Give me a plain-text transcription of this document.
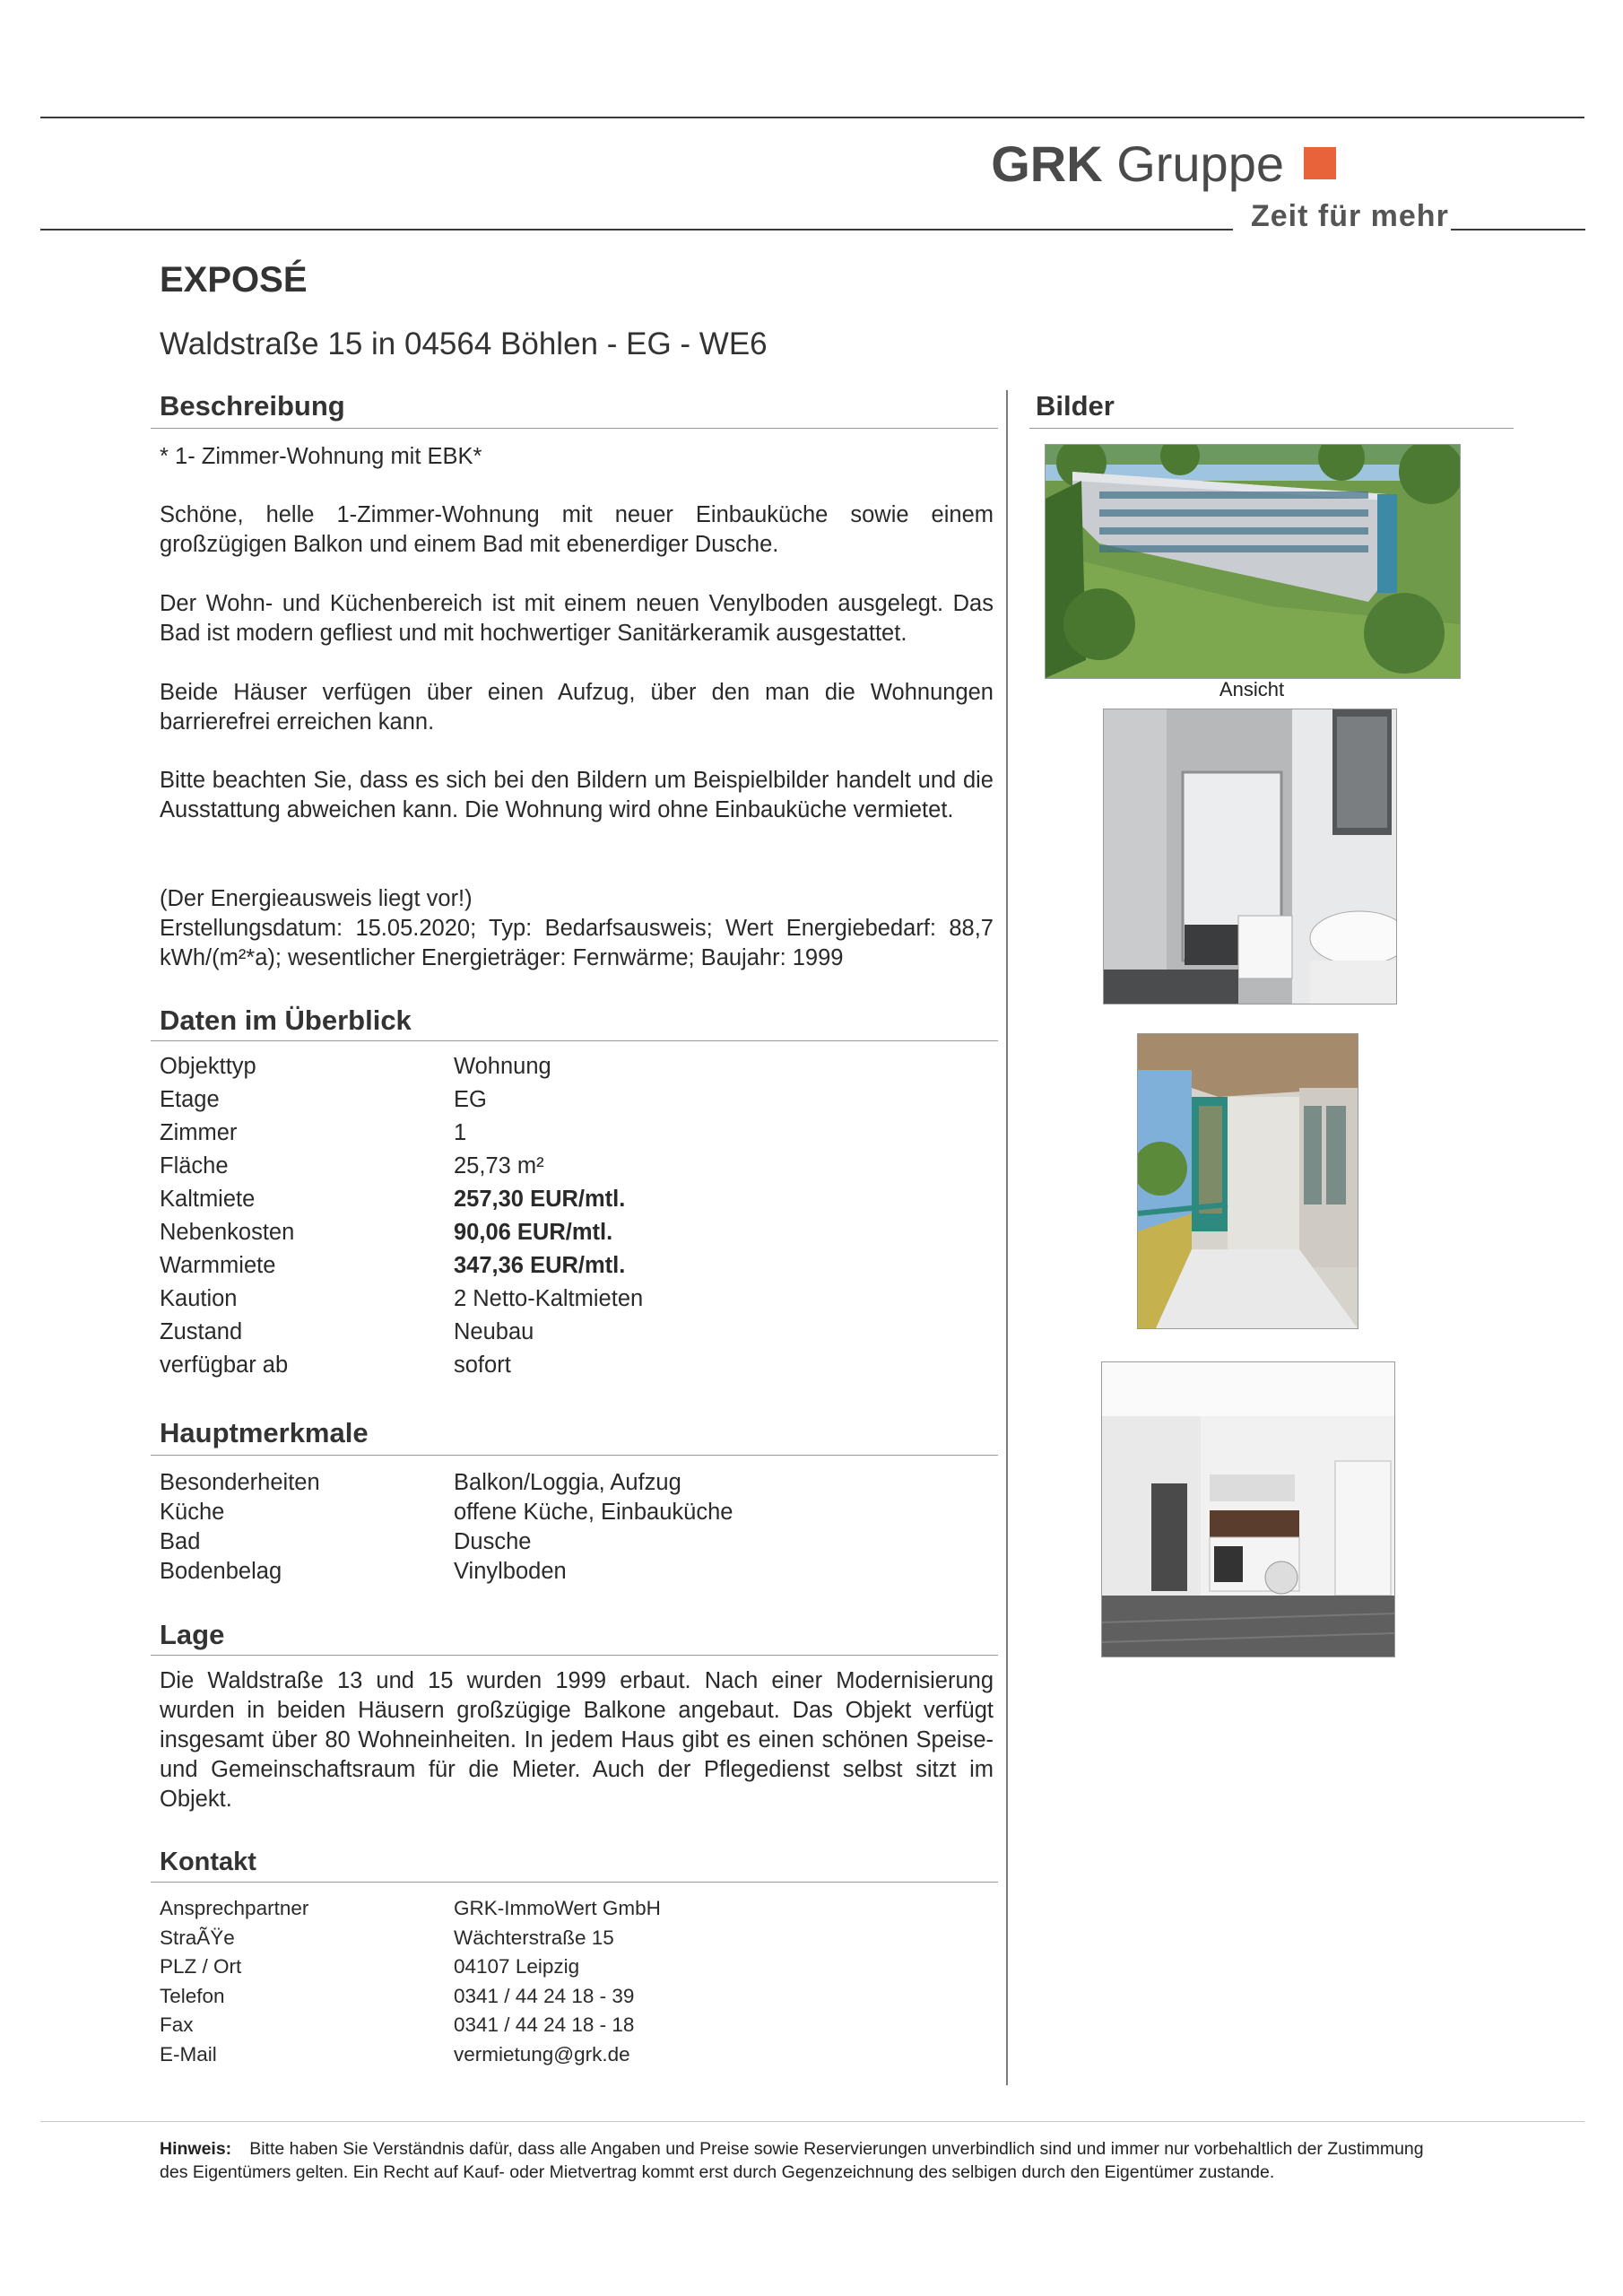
GRK Gruppe
Zeit für mehr
EXPOSÉ
Waldstraße 15 in 04564 Böhlen - EG - WE6
Beschreibung
* 1- Zimmer-Wohnung mit EBK*
Schöne, helle 1-Zimmer-Wohnung mit neuer Einbauküche sowie einem großzügigen Balkon und einem Bad mit ebenerdiger Dusche.
Der Wohn- und Küchenbereich ist mit einem neuen Venylboden ausgelegt. Das Bad ist modern gefliest und mit hochwertiger Sanitärkeramik ausgestattet.
Beide Häuser verfügen über einen Aufzug, über den man die Wohnungen barrierefrei erreichen kann.
Bitte beachten Sie, dass es sich bei den Bildern um Beispielbilder handelt und die Ausstattung abweichen kann. Die Wohnung wird ohne Einbauküche vermietet.
(Der Energieausweis liegt vor!)
Erstellungsdatum: 15.05.2020; Typ: Bedarfsausweis; Wert Energiebedarf: 88,7 kWh/(m²*a); wesentlicher Energieträger: Fernwärme; Baujahr: 1999
Daten im Überblick
Objekttyp	Wohnung
Etage	EG
Zimmer	1
Fläche	25,73 m²
Kaltmiete	257,30 EUR/mtl.
Nebenkosten	90,06 EUR/mtl.
Warmmiete	347,36 EUR/mtl.
Kaution	2 Netto-Kaltmieten
Zustand	Neubau
verfügbar ab	sofort
Hauptmerkmale
Besonderheiten	Balkon/Loggia, Aufzug
Küche	offene Küche, Einbauküche
Bad	Dusche
Bodenbelag	Vinylboden
Lage
Die Waldstraße 13 und 15 wurden 1999 erbaut. Nach einer Modernisierung wurden in beiden Häusern großzügige Balkone angebaut. Das Objekt verfügt insgesamt über 80 Wohneinheiten. In jedem Haus gibt es einen schönen Speise- und Gemeinschaftsraum für die Mieter. Auch der Pflegedienst selbst sitzt im Objekt.
Kontakt
Ansprechpartner	GRK-ImmoWert GmbH
StraÃŸe	Wächterstraße 15
PLZ / Ort	04107 Leipzig
Telefon	0341 / 44 24 18 - 39
Fax	0341 / 44 24 18 - 18
E-Mail	vermietung@grk.de
Bilder
Ansicht
Hinweis: Bitte haben Sie Verständnis dafür, dass alle Angaben und Preise sowie Reservierungen unverbindlich sind und immer nur vorbehaltlich der Zustimmung des Eigentümers gelten. Ein Recht auf Kauf- oder Mietvertrag kommt erst durch Gegenzeichnung des selbigen durch den Eigentümer zustande.
